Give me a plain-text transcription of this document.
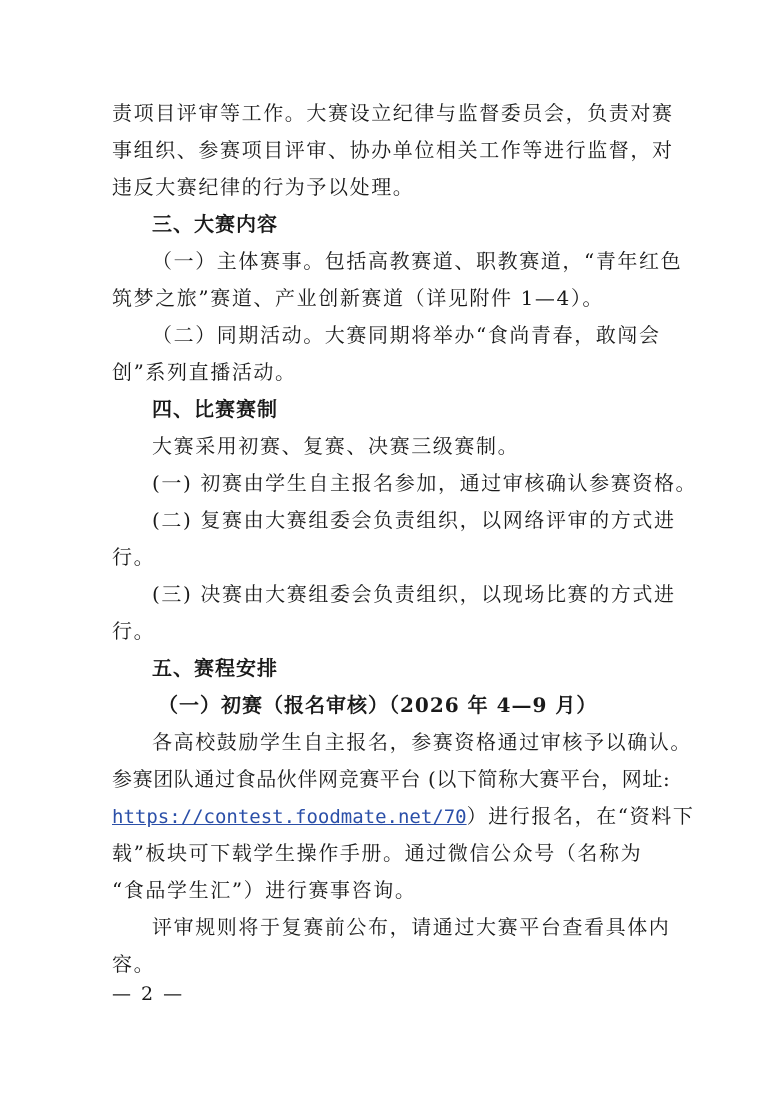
责项目评审等工作。大赛设立纪律与监督委员会，负责对赛
事组织、参赛项目评审、协办单位相关工作等进行监督，对
违反大赛纪律的行为予以处理。
三、大赛内容
（一）主体赛事。包括高教赛道、职教赛道，“青年红色
筑梦之旅”赛道、产业创新赛道（详见附件 1—4）。
（二）同期活动。大赛同期将举办“食尚青春，敢闯会
创”系列直播活动。
四、比赛赛制
大赛采用初赛、复赛、决赛三级赛制。
(一) 初赛由学生自主报名参加，通过审核确认参赛资格。
(二) 复赛由大赛组委会负责组织，以网络评审的方式进
行。
(三) 决赛由大赛组委会负责组织，以现场比赛的方式进
行。
五、赛程安排
（一）初赛（报名审核）（2026 年 4—9 月）
各高校鼓励学生自主报名，参赛资格通过审核予以确认。
参赛团队通过食品伙伴网竞赛平台 (以下简称大赛平台，网址:
https://contest.foodmate.net/70）进行报名，在“资料下
载”板块可下载学生操作手册。通过微信公众号（名称为
“食品学生汇”）进行赛事咨询。
评审规则将于复赛前公布，请通过大赛平台查看具体内
容。
— 2 —
